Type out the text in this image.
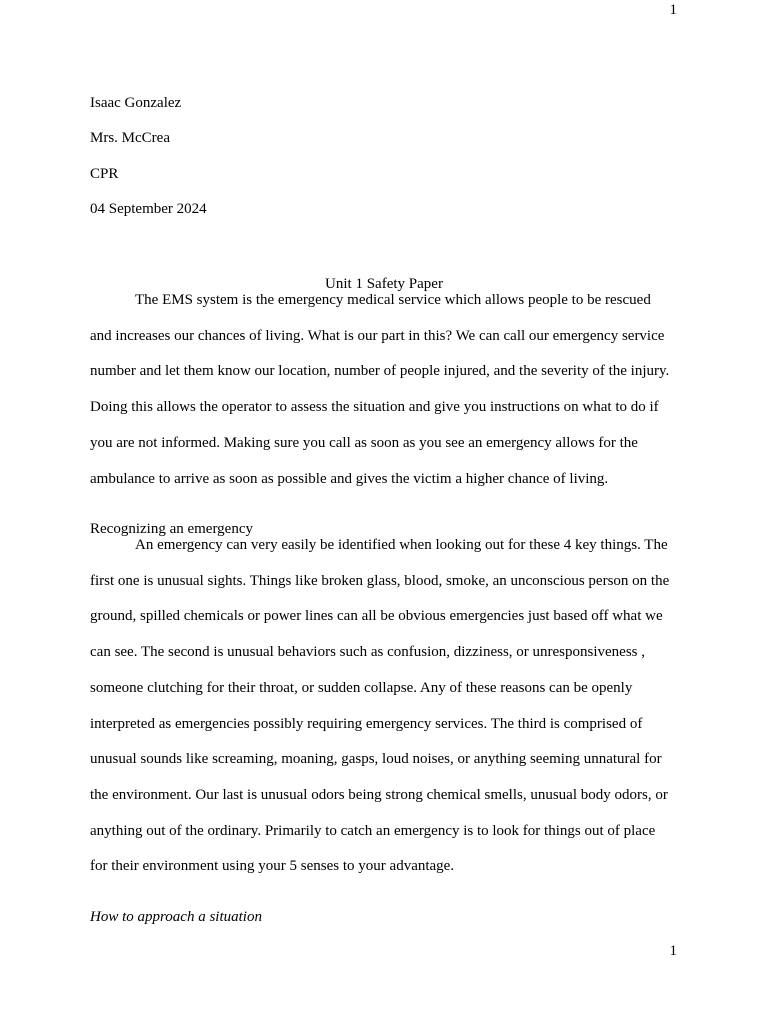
1
Isaac Gonzalez
Mrs. McCrea
CPR
04 September 2024
Unit 1 Safety Paper
The EMS system is the emergency medical service which allows people to be rescued
and increases our chances of living. What is our part in this? We can call our emergency service
number and let them know our location, number of people injured, and the severity of the injury.
Doing this allows the operator to assess the situation and give you instructions on what to do if
you are not informed. Making sure you call as soon as you see an emergency allows for the
ambulance to arrive as soon as possible and gives the victim a higher chance of living.
Recognizing an emergency
An emergency can very easily be identified when looking out for these 4 key things. The
first one is unusual sights. Things like broken glass, blood, smoke, an unconscious person on the
ground, spilled chemicals or power lines can all be obvious emergencies just based off what we
can see. The second is unusual behaviors such as confusion, dizziness, or unresponsiveness ,
someone clutching for their throat, or sudden collapse. Any of these reasons can be openly
interpreted as emergencies possibly requiring emergency services. The third is comprised of
unusual sounds like screaming, moaning, gasps, loud noises, or anything seeming unnatural for
the environment. Our last is unusual odors being strong chemical smells, unusual body odors, or
anything out of the ordinary. Primarily to catch an emergency is to look for things out of place
for their environment using your 5 senses to your advantage.
How to approach a situation
1
